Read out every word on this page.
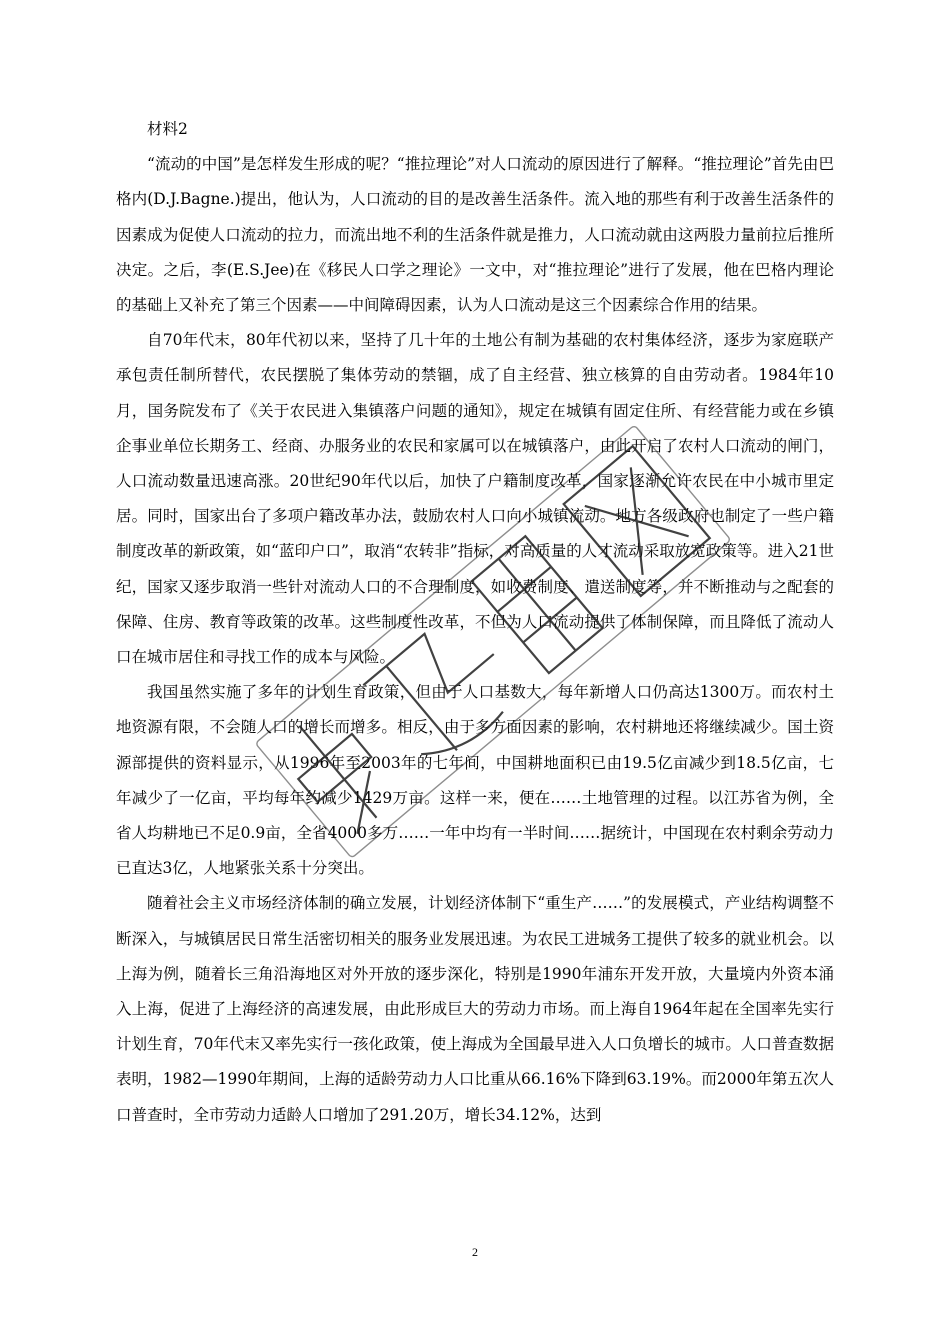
材料2

“流动的中国”是怎样发生形成的呢？“推拉理论”对人口流动的原因进行了解释。“推拉理论”首先由巴格内(D.J.Bagne.)提出，他认为，人口流动的目的是改善生活条件。流入地的那些有利于改善生活条件的因素成为促使人口流动的拉力，而流出地不利的生活条件就是推力，人口流动就由这两股力量前拉后推所决定。之后，李(E.S.Jee)在《移民人口学之理论》一文中，对“推拉理论”进行了发展，他在巴格内理论的基础上又补充了第三个因素——中间障碍因素，认为人口流动是这三个因素综合作用的结果。

自70年代末，80年代初以来，坚持了几十年的土地公有制为基础的农村集体经济，逐步为家庭联产承包责任制所替代，农民摆脱了集体劳动的禁锢，成了自主经营、独立核算的自由劳动者。1984年10月，国务院发布了《关于农民进入集镇落户问题的通知》，规定在城镇有固定住所、有经营能力或在乡镇企事业单位长期务工、经商、办服务业的农民和家属可以在城镇落户，由此开启了农村人口流动的闸门，人口流动数量迅速高涨。20世纪90年代以后，加快了户籍制度改革，国家逐渐允许农民在中小城市里定居。同时，国家出台了多项户籍改革办法，鼓励农村人口向小城镇流动。地方各级政府也制定了一些户籍制度改革的新政策，如“蓝印户口”，取消“农转非”指标，对高质量的人才流动采取放宽政策等。进入21世纪，国家又逐步取消一些针对流动人口的不合理制度，如收费制度、遣送制度等，并不断推动与之配套的保障、住房、教育等政策的改革。这些制度性改革，不但为人口流动提供了体制保障，而且降低了流动人口在城市居住和寻找工作的成本与风险。

我国虽然实施了多年的计划生育政策，但由于人口基数大，每年新增人口仍高达1300万。而农村土地资源有限，不会随人口的增长而增多。相反，由于多方面因素的影响，农村耕地还将继续减少。国土资源部提供的资料显示，从1996年至2003年的七年间，中国耕地面积已由19.5亿亩减少到18.5亿亩，七年减少了一亿亩，平均每年约减少1429万亩。这样一来，便在……土地管理的过程。以江苏省为例，全省人均耕地已不足0.9亩，全省4000多万……一年中均有一半时间……据统计，中国现在农村剩余劳动力已直达3亿，人地紧张关系十分突出。

随着社会主义市场经济体制的确立发展，计划经济体制下“重生产……”的发展模式，产业结构调整不断深入，与城镇居民日常生活密切相关的服务业发展迅速。为农民工进城务工提供了较多的就业机会。以上海为例，随着长三角沿海地区对外开放的逐步深化，特别是1990年浦东开发开放，大量境内外资本涌入上海，促进了上海经济的高速发展，由此形成巨大的劳动力市场。而上海自1964年起在全国率先实行计划生育，70年代末又率先实行一孩化政策，使上海成为全国最早进入人口负增长的城市。人口普查数据表明，1982—1990年期间，上海的适龄劳动力人口比重从66.16%下降到63.19%。而2000年第五次人口普查时，全市劳动力适龄人口增加了291.20万，增长34.12%，达到

2
